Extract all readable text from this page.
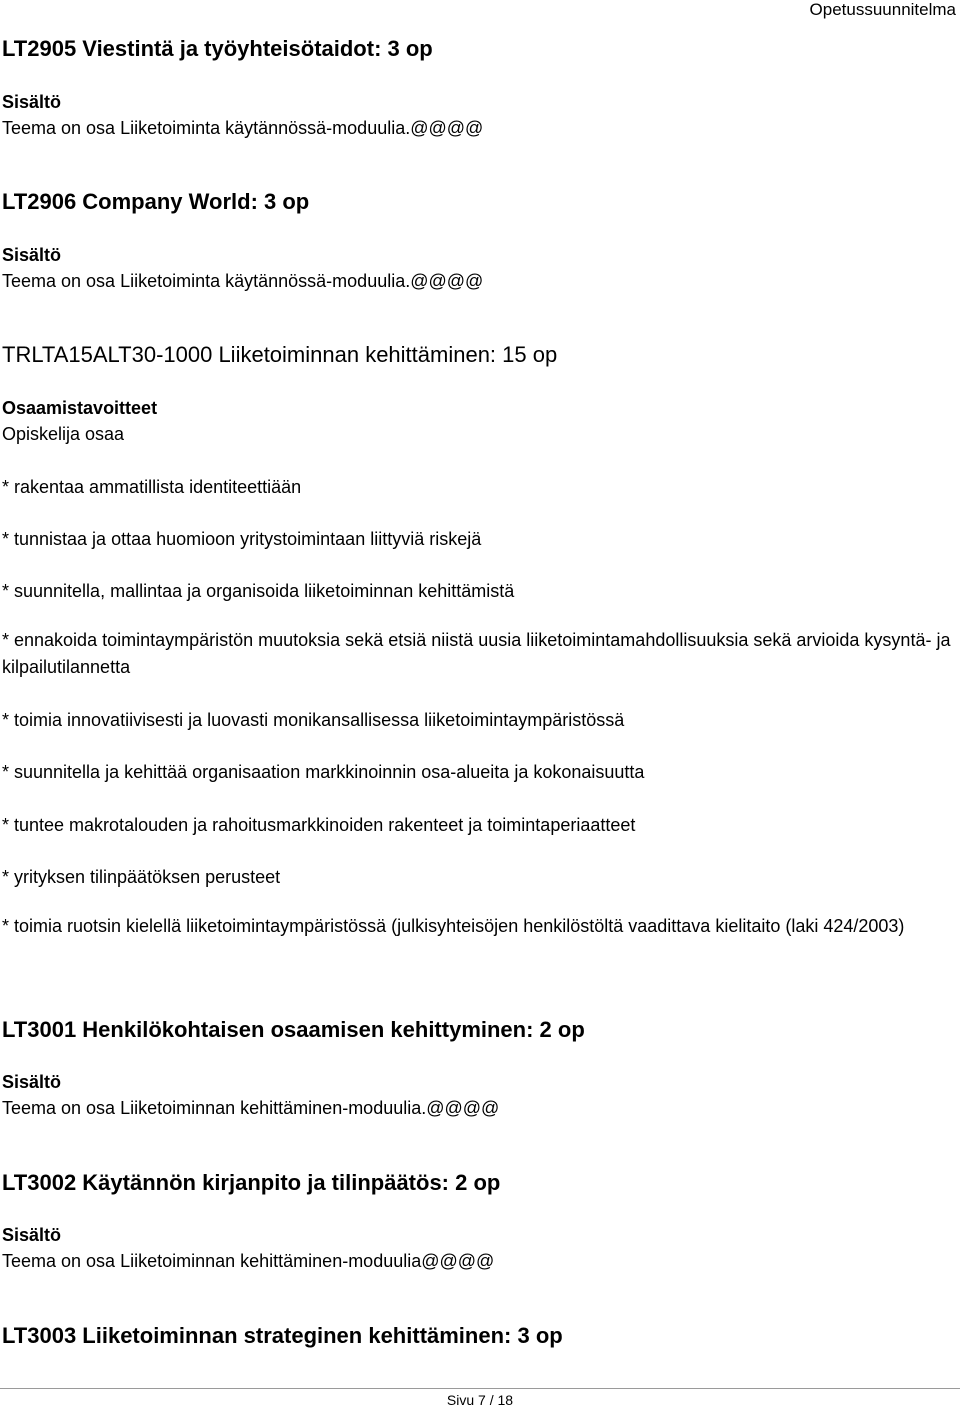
Opetussuunnitelma

LT2905 Viestintä ja työyhteisötaidot: 3 op
Sisältö

Teema on osa Liiketoiminta käytännössä-moduulia.@@@@

LT2906 Company World: 3 op
Sisältö

Teema on osa Liiketoiminta käytännössä-moduulia.@@@@

TRLTA15ALT30-1000 Liiketoiminnan kehittäminen: 15 op
Osaamistavoitteet

Opiskelija osaa

* rakentaa ammatillista identiteettiään

* tunnistaa ja ottaa huomioon yritystoimintaan liittyviä riskejä

* suunnitella, mallintaa ja organisoida liiketoiminnan kehittämistä

* ennakoida toimintaympäristön muutoksia sekä etsiä niistä uusia liiketoimintamahdollisuuksia sekä arvioida kysyntä- ja kilpailutilannetta

* toimia innovatiivisesti ja luovasti monikansallisessa liiketoimintaympäristössä

* suunnitella ja kehittää organisaation markkinoinnin osa-alueita ja kokonaisuutta

* tuntee makrotalouden ja rahoitusmarkkinoiden rakenteet ja toimintaperiaatteet

* yrityksen tilinpäätöksen perusteet

* toimia ruotsin kielellä liiketoimintaympäristössä (julkisyhteisöjen henkilöstöltä vaadittava kielitaito (laki 424/2003)

LT3001 Henkilökohtaisen osaamisen kehittyminen: 2 op
Sisältö

Teema on osa Liiketoiminnan kehittäminen-moduulia.@@@@

LT3002 Käytännön kirjanpito ja tilinpäätös: 2 op
Sisältö

Teema on osa Liiketoiminnan kehittäminen-moduulia@@@@

LT3003 Liiketoiminnan strateginen kehittäminen: 3 op

Sivu 7 / 18
